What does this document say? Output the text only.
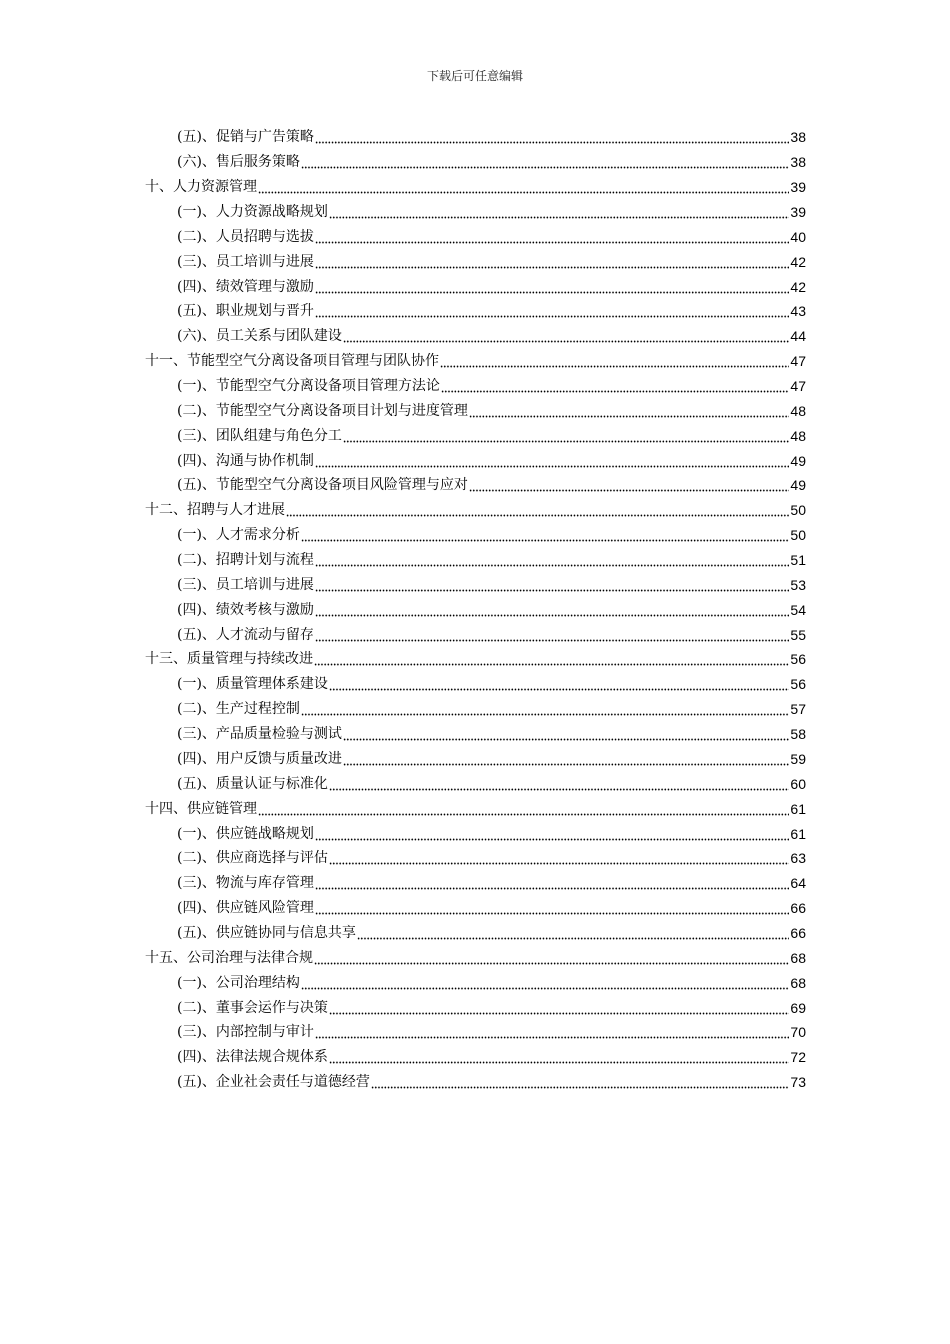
下载后可任意编辑
(五)、促销与广告策略	38
(六)、售后服务策略	38
十、人力资源管理	39
(一)、人力资源战略规划	39
(二)、人员招聘与选拔	40
(三)、员工培训与进展	42
(四)、绩效管理与激励	42
(五)、职业规划与晋升	43
(六)、员工关系与团队建设	44
十一、节能型空气分离设备项目管理与团队协作	47
(一)、节能型空气分离设备项目管理方法论	47
(二)、节能型空气分离设备项目计划与进度管理	48
(三)、团队组建与角色分工	48
(四)、沟通与协作机制	49
(五)、节能型空气分离设备项目风险管理与应对	49
十二、招聘与人才进展	50
(一)、人才需求分析	50
(二)、招聘计划与流程	51
(三)、员工培训与进展	53
(四)、绩效考核与激励	54
(五)、人才流动与留存	55
十三、质量管理与持续改进	56
(一)、质量管理体系建设	56
(二)、生产过程控制	57
(三)、产品质量检验与测试	58
(四)、用户反馈与质量改进	59
(五)、质量认证与标准化	60
十四、供应链管理	61
(一)、供应链战略规划	61
(二)、供应商选择与评估	63
(三)、物流与库存管理	64
(四)、供应链风险管理	66
(五)、供应链协同与信息共享	66
十五、公司治理与法律合规	68
(一)、公司治理结构	68
(二)、董事会运作与决策	69
(三)、内部控制与审计	70
(四)、法律法规合规体系	72
(五)、企业社会责任与道德经营	73
